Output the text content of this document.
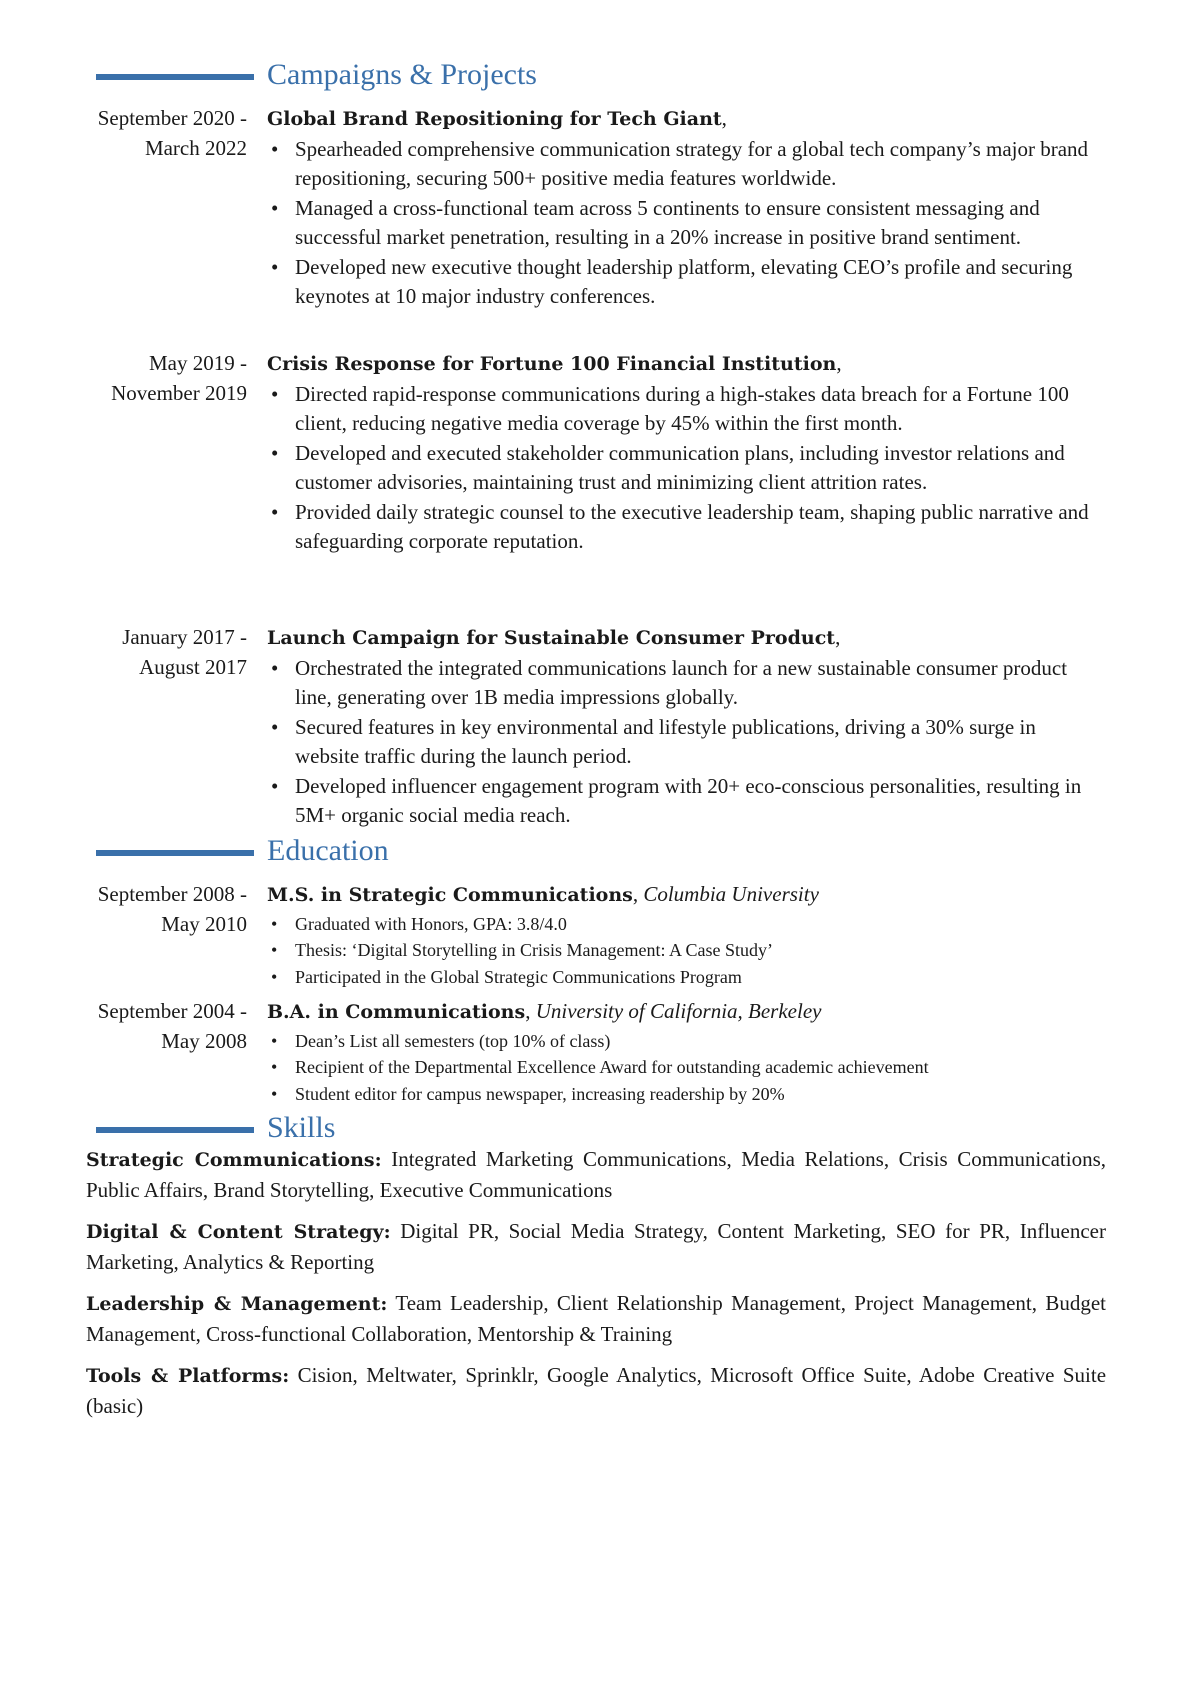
Campaigns & Projects
September 2020 - March 2022
Global Brand Repositioning for Tech Giant,
• Spearheaded comprehensive communication strategy for a global tech company’s major brand repositioning, securing 500+ positive media features worldwide.
• Managed a cross-functional team across 5 continents to ensure consistent messaging and successful market penetration, resulting in a 20% increase in positive brand sentiment.
• Developed new executive thought leadership platform, elevating CEO’s profile and securing keynotes at 10 major industry conferences.
May 2019 - November 2019
Crisis Response for Fortune 100 Financial Institution,
• Directed rapid-response communications during a high-stakes data breach for a Fortune 100 client, reducing negative media coverage by 45% within the first month.
• Developed and executed stakeholder communication plans, including investor relations and customer advisories, maintaining trust and minimizing client attrition rates.
• Provided daily strategic counsel to the executive leadership team, shaping public narrative and safeguarding corporate reputation.
January 2017 - August 2017
Launch Campaign for Sustainable Consumer Product,
• Orchestrated the integrated communications launch for a new sustainable consumer product line, generating over 1B media impressions globally.
• Secured features in key environmental and lifestyle publications, driving a 30% surge in website traffic during the launch period.
• Developed influencer engagement program with 20+ eco-conscious personalities, resulting in 5M+ organic social media reach.
Education
September 2008 - May 2010
M.S. in Strategic Communications, Columbia University
• Graduated with Honors, GPA: 3.8/4.0
• Thesis: ‘Digital Storytelling in Crisis Management: A Case Study’
• Participated in the Global Strategic Communications Program
September 2004 - May 2008
B.A. in Communications, University of California, Berkeley
• Dean’s List all semesters (top 10% of class)
• Recipient of the Departmental Excellence Award for outstanding academic achievement
• Student editor for campus newspaper, increasing readership by 20%
Skills

Strategic Communications: Integrated Marketing Communications, Media Relations, Crisis Communications, Public Affairs, Brand Storytelling, Executive Communications

Digital & Content Strategy: Digital PR, Social Media Strategy, Content Marketing, SEO for PR, Influencer Marketing, Analytics & Reporting

Leadership & Management: Team Leadership, Client Relationship Management, Project Management, Budget Management, Cross-functional Collaboration, Mentorship & Training

Tools & Platforms: Cision, Meltwater, Sprinklr, Google Analytics, Microsoft Office Suite, Adobe Creative Suite (basic)
